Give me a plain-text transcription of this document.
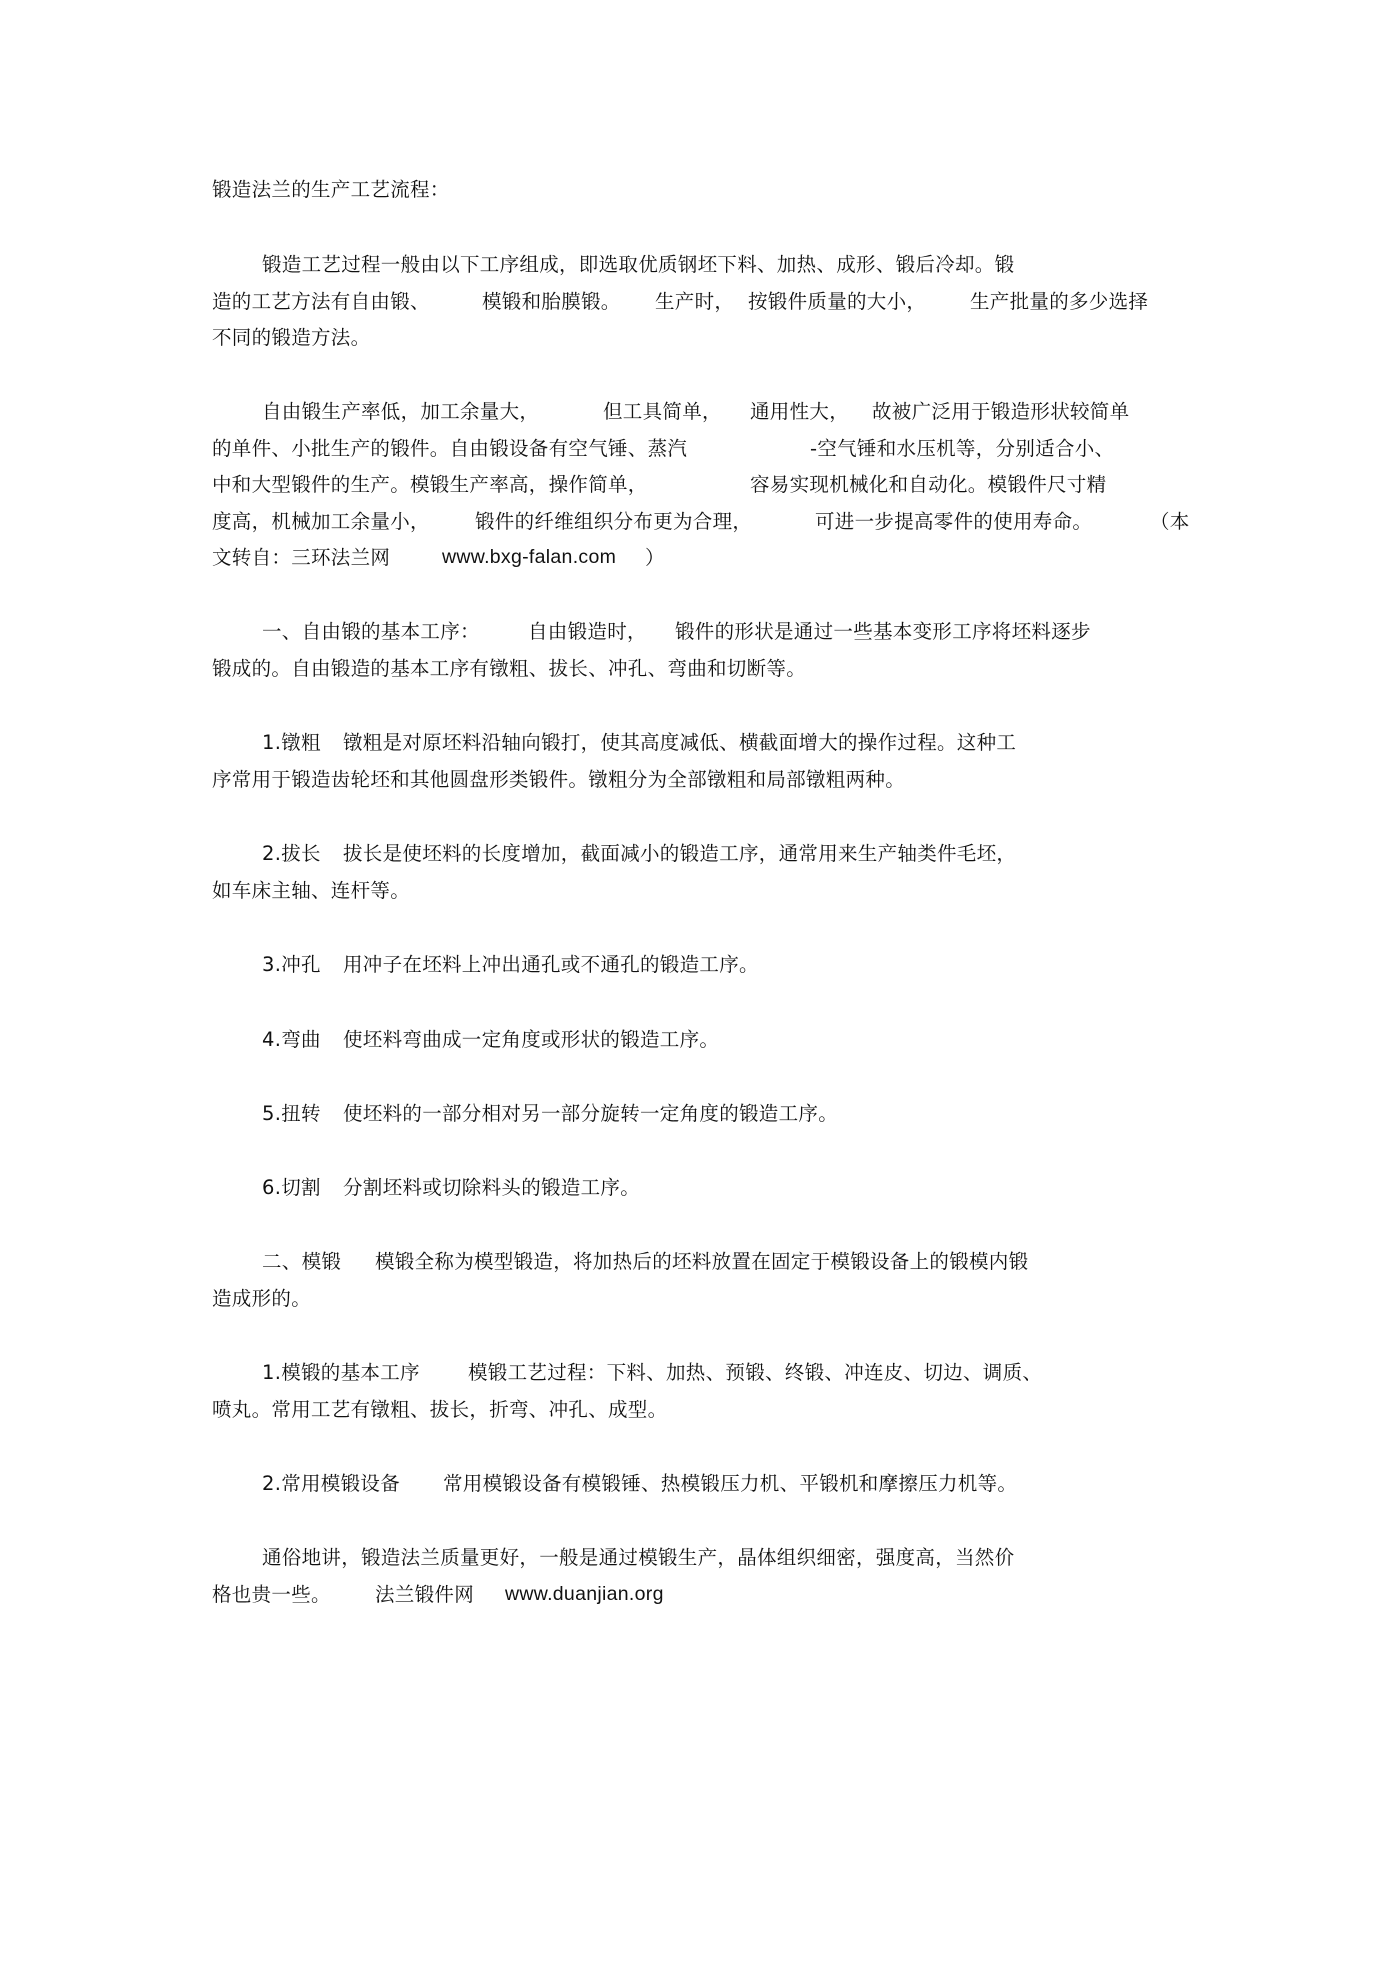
锻造法兰的生产工艺流程：
锻造工艺过程一般由以下工序组成，即选取优质钢坯下料、加热、成形、锻后冷却。锻
造的工艺方法有自由锻、	模锻和胎膜锻。 生产时， 按锻件质量的大小， 生产批量的多少选择
不同的锻造方法。
自由锻生产率低，加工余量大，	但工具简单， 通用性大， 故被广泛用于锻造形状较简单
的单件、小批生产的锻件。自由锻设备有空气锤、蒸汽	-空气锤和水压机等，分别适合小、
中和大型锻件的生产。模锻生产率高，操作简单，	容易实现机械化和自动化。模锻件尺寸精
度高，机械加工余量小， 锻件的纤维组织分布更为合理，	可进一步提高零件的使用寿命。	（本
文转自：三环法兰网	www.bxg-falan.com ）
一、自由锻的基本工序： 自由锻造时， 锻件的形状是通过一些基本变形工序将坯料逐步
锻成的。自由锻造的基本工序有镦粗、拔长、冲孔、弯曲和切断等。
1.镦粗 镦粗是对原坯料沿轴向锻打，使其高度减低、横截面增大的操作过程。这种工
序常用于锻造齿轮坯和其他圆盘形类锻件。镦粗分为全部镦粗和局部镦粗两种。
2.拔长 拔长是使坯料的长度增加，截面减小的锻造工序，通常用来生产轴类件毛坯，
如车床主轴、连杆等。
3.冲孔 用冲子在坯料上冲出通孔或不通孔的锻造工序。
4.弯曲 使坯料弯曲成一定角度或形状的锻造工序。
5.扭转 使坯料的一部分相对另一部分旋转一定角度的锻造工序。
6.切割 分割坯料或切除料头的锻造工序。
二、模锻 模锻全称为模型锻造，将加热后的坯料放置在固定于模锻设备上的锻模内锻
造成形的。
1.模锻的基本工序 模锻工艺过程：下料、加热、预锻、终锻、冲连皮、切边、调质、
喷丸。常用工艺有镦粗、拔长，折弯、冲孔、成型。
2.常用模锻设备 常用模锻设备有模锻锤、热模锻压力机、平锻机和摩擦压力机等。
通俗地讲，锻造法兰质量更好，一般是通过模锻生产，晶体组织细密，强度高，当然价
格也贵一些。 法兰锻件网 www.duanjian.org
